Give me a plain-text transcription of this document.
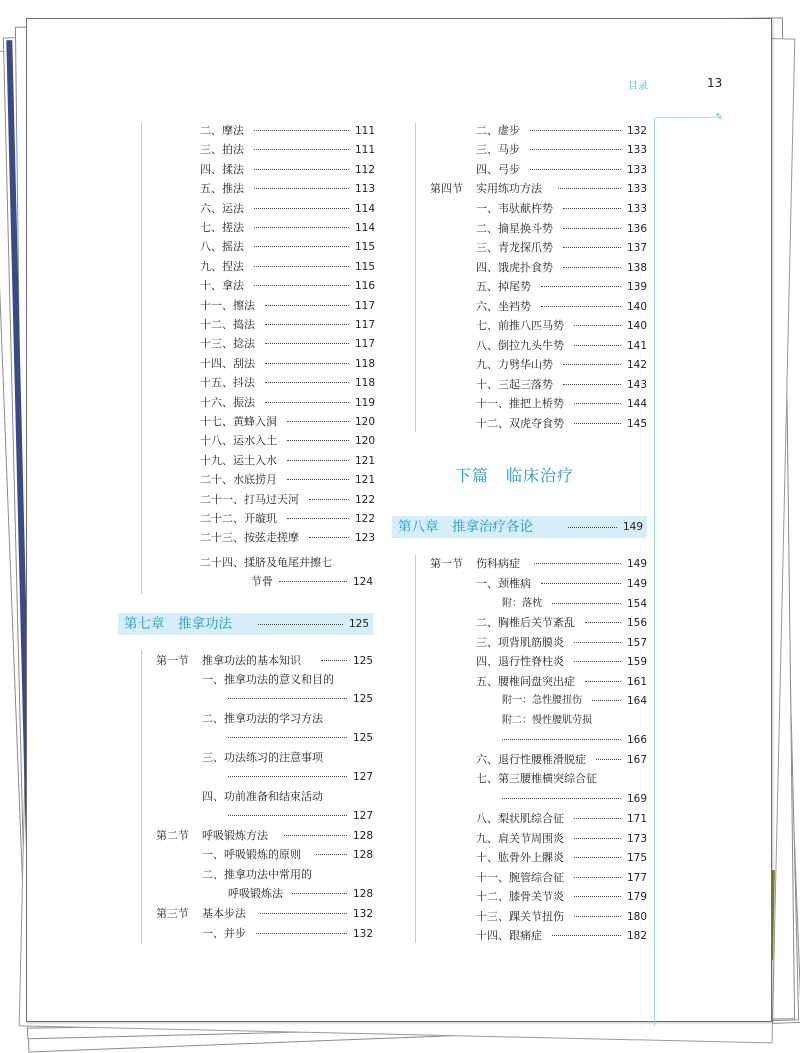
目录	13
✎
二、摩法	111
三、拍法	111
四、揉法	112
五、推法	113
六、运法	114
七、搓法	114
八、摇法	115
九、捏法	115
十、拿法	116
十一、擦法	117
十二、捣法	117
十三、捻法	117
十四、刮法	118
十五、抖法	118
十六、振法	119
十七、黄蜂入洞	120
十八、运水入土	120
十九、运土入水	121
二十、水底捞月	121
二十一、打马过天河	122
二十二、开璇玑	122
二十三、按弦走搓摩	123
二十四、揉脐及龟尾并擦七
节骨	124
第七章　推拿功法	125
第一节 推拿功法的基本知识	125
一、推拿功法的意义和目的
125
二、推拿功法的学习方法
125
三、功法练习的注意事项
127
四、功前准备和结束活动
127
第二节 呼吸锻炼方法	128
一、呼吸锻炼的原则	128
二、推拿功法中常用的
呼吸锻炼法	128
第三节 基本步法	132
一、并步	132
二、虚步	132
三、马步	133
四、弓步	133
第四节 实用练功方法	133
一、韦驮献杵势	133
二、摘星换斗势	136
三、青龙探爪势	137
四、饿虎扑食势	138
五、掉尾势	139
六、坐裆势	140
七、前推八匹马势	140
八、倒拉九头牛势	141
九、力劈华山势	142
十、三起三落势	143
十一、推把上桥势	144
十二、双虎夺食势	145
下篇　临床治疗
第八章　推拿治疗各论	149
第一节 伤科病症	149
一、颈椎病	149
附：落枕	154
二、胸椎后关节紊乱	156
三、项背肌筋膜炎	157
四、退行性脊柱炎	159
五、腰椎间盘突出症	161
附一：急性腰扭伤	164
附二：慢性腰肌劳损
166
六、退行性腰椎滑脱症	167
七、第三腰椎横突综合征
169
八、梨状肌综合征	171
九、肩关节周围炎	173
十、肱骨外上髁炎	175
十一、腕管综合征	177
十二、膝骨关节炎	179
十三、踝关节扭伤	180
十四、跟痛症	182
